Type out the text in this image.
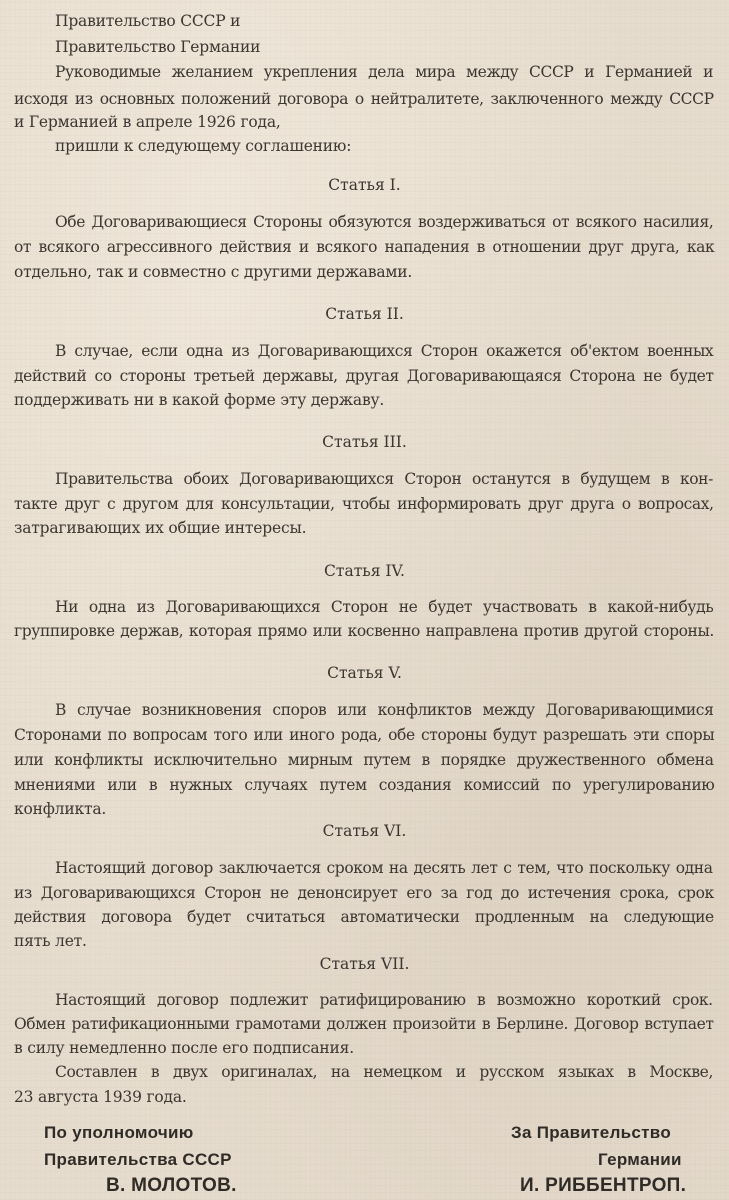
Правительство СССР и
Правительство Германии
Руководимые желанием укрепления дела мира между СССР и Германией и
исходя из основных положений договора о нейтралитете, заключенного между СССР
и Германией в апреле 1926 года,
пришли к следующему соглашению:
Статья I.
Обе Договаривающиеся Стороны обязуются воздерживаться от всякого насилия,
от всякого агрессивного действия и всякого нападения в отношении друг друга, как
отдельно, так и совместно с другими державами.
Статья II.
В случае, если одна из Договаривающихся Сторон окажется об'ектом военных
действий со стороны третьей державы, другая Договаривающаяся Сторона не будет
поддерживать ни в какой форме эту державу.
Статья III.
Правительства обоих Договаривающихся Сторон останутся в будущем в кон-
такте друг с другом для консультации, чтобы информировать друг друга о вопросах,
затрагивающих их общие интересы.
Статья IV.
Ни одна из Договаривающихся Сторон не будет участвовать в какой-нибудь
группировке держав, которая прямо или косвенно направлена против другой стороны.
Статья V.
В случае возникновения споров или конфликтов между Договаривающимися
Сторонами по вопросам того или иного рода, обе стороны будут разрешать эти споры
или конфликты исключительно мирным путем в порядке дружественного обмена
мнениями или в нужных случаях путем создания комиссий по урегулированию
конфликта.
Статья VI.
Настоящий договор заключается сроком на десять лет с тем, что поскольку одна
из Договаривающихся Сторон не денонсирует его за год до истечения срока, срок
действия договора будет считаться автоматически продленным на следующие
пять лет.
Статья VII.
Настоящий договор подлежит ратифицированию в возможно короткий срок.
Обмен ратификационными грамотами должен произойти в Берлине. Договор вступает
в силу немедленно после его подписания.
Составлен в двух оригиналах, на немецком и русском языках в Москве,
23 августа 1939 года.
По уполномочию
Правительства СССР
В. МОЛОТОВ.
За Правительство
Германии
И. РИББЕНТРОП.
